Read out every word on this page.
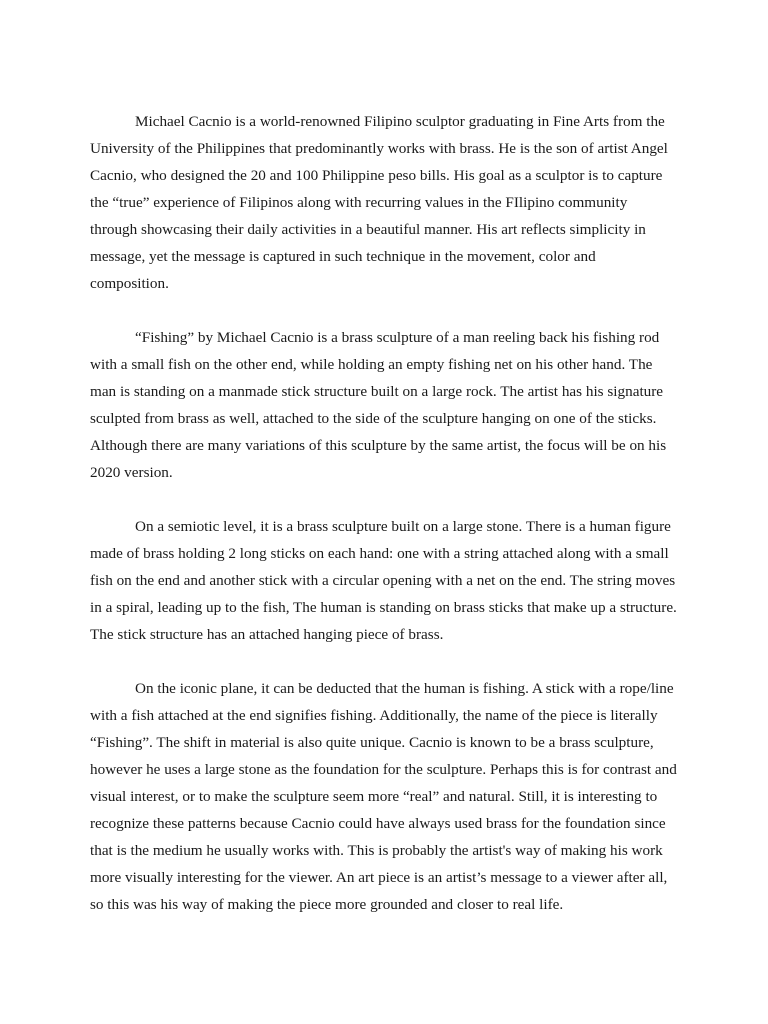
Michael Cacnio is a world-renowned Filipino sculptor graduating in Fine Arts from the University of the Philippines that predominantly works with brass. He is the son of artist Angel Cacnio, who designed the 20 and 100 Philippine peso bills. His goal as a sculptor is to capture the “true” experience of Filipinos along with recurring values in the FIlipino community through showcasing their daily activities in a beautiful manner. His art reflects simplicity in message, yet the message is captured in such technique in the movement, color and composition.

“Fishing” by Michael Cacnio is a brass sculpture of a man reeling back his fishing rod with a small fish on the other end, while holding an empty fishing net on his other hand. The man is standing on a manmade stick structure built on a large rock. The artist has his signature sculpted from brass as well, attached to the side of the sculpture hanging on one of the sticks. Although there are many variations of this sculpture by the same artist, the focus will be on his 2020 version.

On a semiotic level, it is a brass sculpture built on a large stone. There is a human figure made of brass holding 2 long sticks on each hand: one with a string attached along with a small fish on the end and another stick with a circular opening with a net on the end. The string moves in a spiral, leading up to the fish, The human is standing on brass sticks that make up a structure. The stick structure has an attached hanging piece of brass.

On the iconic plane, it can be deducted that the human is fishing. A stick with a rope/line with a fish attached at the end signifies fishing. Additionally, the name of the piece is literally “Fishing”. The shift in material is also quite unique. Cacnio is known to be a brass sculpture, however he uses a large stone as the foundation for the sculpture. Perhaps this is for contrast and visual interest, or to make the sculpture seem more “real” and natural. Still, it is interesting to recognize these patterns because Cacnio could have always used brass for the foundation since that is the medium he usually works with. This is probably the artist's way of making his work more visually interesting for the viewer. An art piece is an artist’s message to a viewer after all, so this was his way of making the piece more grounded and closer to real life.
